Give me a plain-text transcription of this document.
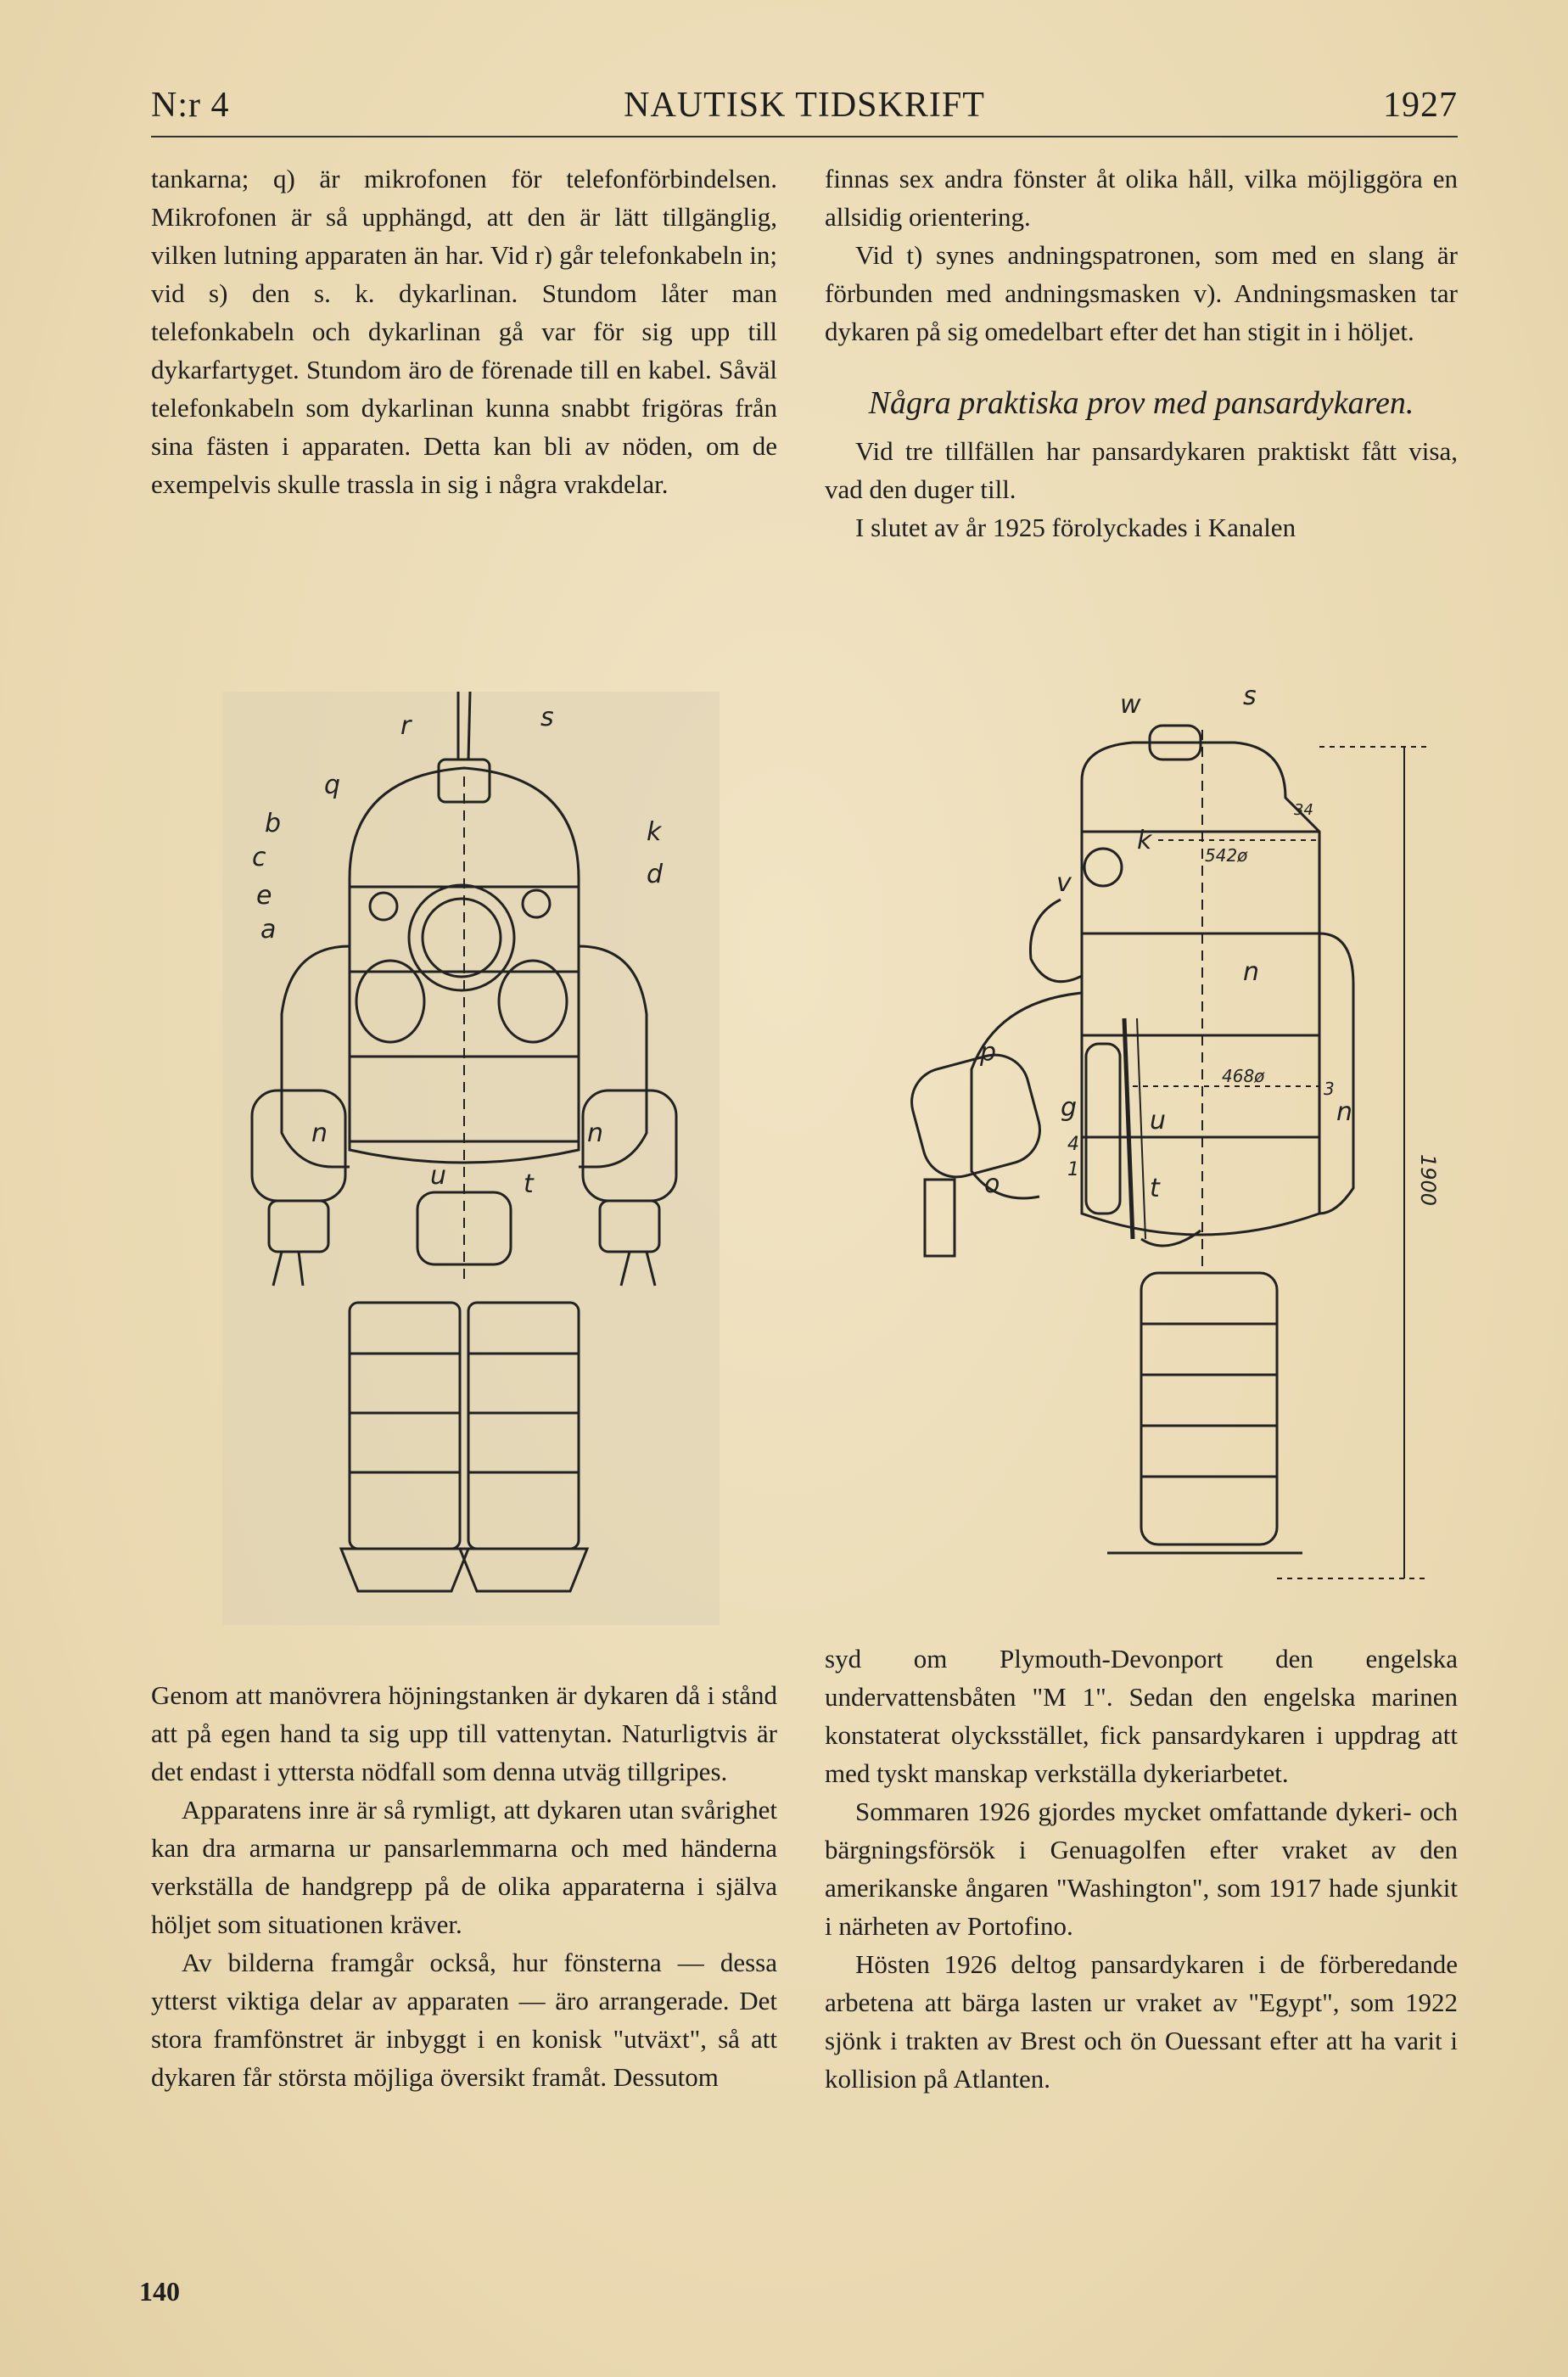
N:r 4	NAUTISK TIDSKRIFT	1927

tankarna; q) är mikrofonen för telefonförbindelsen. Mikrofonen är så upphängd, att den är lätt tillgänglig, vilken lutning apparaten än har. Vid r) går telefonkabeln in; vid s) den s. k. dykarlinan. Stundom låter man telefonkabeln och dykarlinan gå var för sig upp till dykarfartyget. Stundom äro de förenade till en kabel. Såväl telefonkabeln som dykarlinan kunna snabbt frigöras från sina fästen i apparaten. Detta kan bli av nöden, om de exempelvis skulle trassla in sig i några vrakdelar.

finnas sex andra fönster åt olika håll, vilka möjliggöra en allsidig orientering.

Vid t) synes andningspatronen, som med en slang är förbunden med andningsmasken v). Andningsmasken tar dykaren på sig omedelbart efter det han stigit in i höljet.

Några praktiska prov med pansardykaren.

Vid tre tillfällen har pansardykaren praktiskt fått visa, vad den duger till.

I slutet av år 1925 förolyckades i Kanalen

r	s
q
b
c
e
a
k
d
n	n
u	t
w	s
k
v
n
p
g	u	n
o	t
4
1
3
542ø
468ø
34
1900

Genom att manövrera höjningstanken är dykaren då i stånd att på egen hand ta sig upp till vattenytan. Naturligtvis är det endast i yttersta nödfall som denna utväg tillgripes.

Apparatens inre är så rymligt, att dykaren utan svårighet kan dra armarna ur pansarlemmarna och med händerna verkställa de handgrepp på de olika apparaterna i själva höljet som situationen kräver.

Av bilderna framgår också, hur fönsterna — dessa ytterst viktiga delar av apparaten — äro arrangerade. Det stora framfönstret är inbyggt i en konisk "utväxt", så att dykaren får största möjliga översikt framåt. Dessutom

syd om Plymouth-Devonport den engelska undervattensbåten "M 1". Sedan den engelska marinen konstaterat olycksstället, fick pansardykaren i uppdrag att med tyskt manskap verkställa dykeriarbetet.

Sommaren 1926 gjordes mycket omfattande dykeri- och bärgningsförsök i Genuagolfen efter vraket av den amerikanske ångaren "Washington", som 1917 hade sjunkit i närheten av Portofino.

Hösten 1926 deltog pansardykaren i de förberedande arbetena att bärga lasten ur vraket av "Egypt", som 1922 sjönk i trakten av Brest och ön Ouessant efter att ha varit i kollision på Atlanten.

140
